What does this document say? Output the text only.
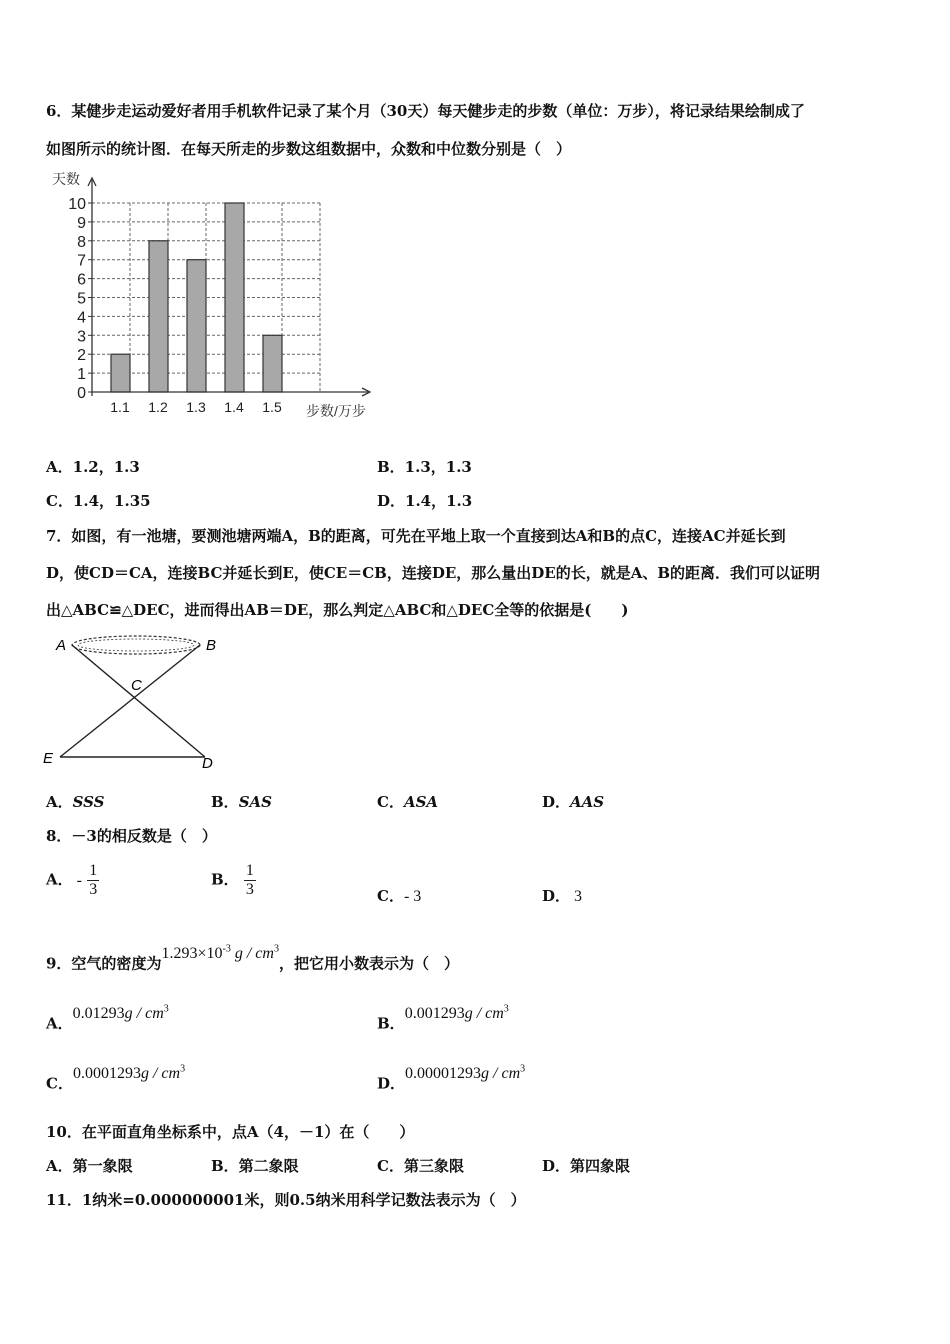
6．某健步走运动爱好者用手机软件记录了某个月（30天）每天健步走的步数（单位：万步），将记录结果绘制成了
如图所示的统计图．在每天所走的步数这组数据中，众数和中位数分别是（　）
天数
步数/万步
0
1
2
3
4
5
6
7
8
9
10
1.1 1.2 1.3 1.4 1.5
A．1.2，1.3	B．1.3，1.3
C．1.4，1.35	D．1.4，1.3
7．如图，有一池塘，要测池塘两端A，B的距离，可先在平地上取一个直接到达A和B的点C，连接AC并延长到
D，使CD＝CA，连接BC并延长到E，使CE＝CB，连接DE，那么量出DE的长，就是A、B的距离．我们可以证明
出△ABC≌△DEC，进而得出AB＝DE，那么判定△ABC和△DEC全等的依据是(　　)
A	B
C
E	D
A．SSS	B．SAS	C．ASA	D．AAS
8．－3的相反数是（　）
A． - $\frac{1}{3}$	B． $\frac{1}{3}$	C．- 3	D． 3
9．空气的密度为$1.293\times 10^{-3}$ g / $cm^3$，把它用小数表示为（　）
A．$0.01293g / cm^3$
B．$0.001293g / cm^3$
C．$0.0001293g / cm^3$
D．$0.00001293g / cm^3$
10．在平面直角坐标系中，点A（4，－1）在（　　）
A．第一象限	B．第二象限	C．第三象限	D．第四象限
11．1纳米=0.000000001米，则0.5纳米用科学记数法表示为（　）
